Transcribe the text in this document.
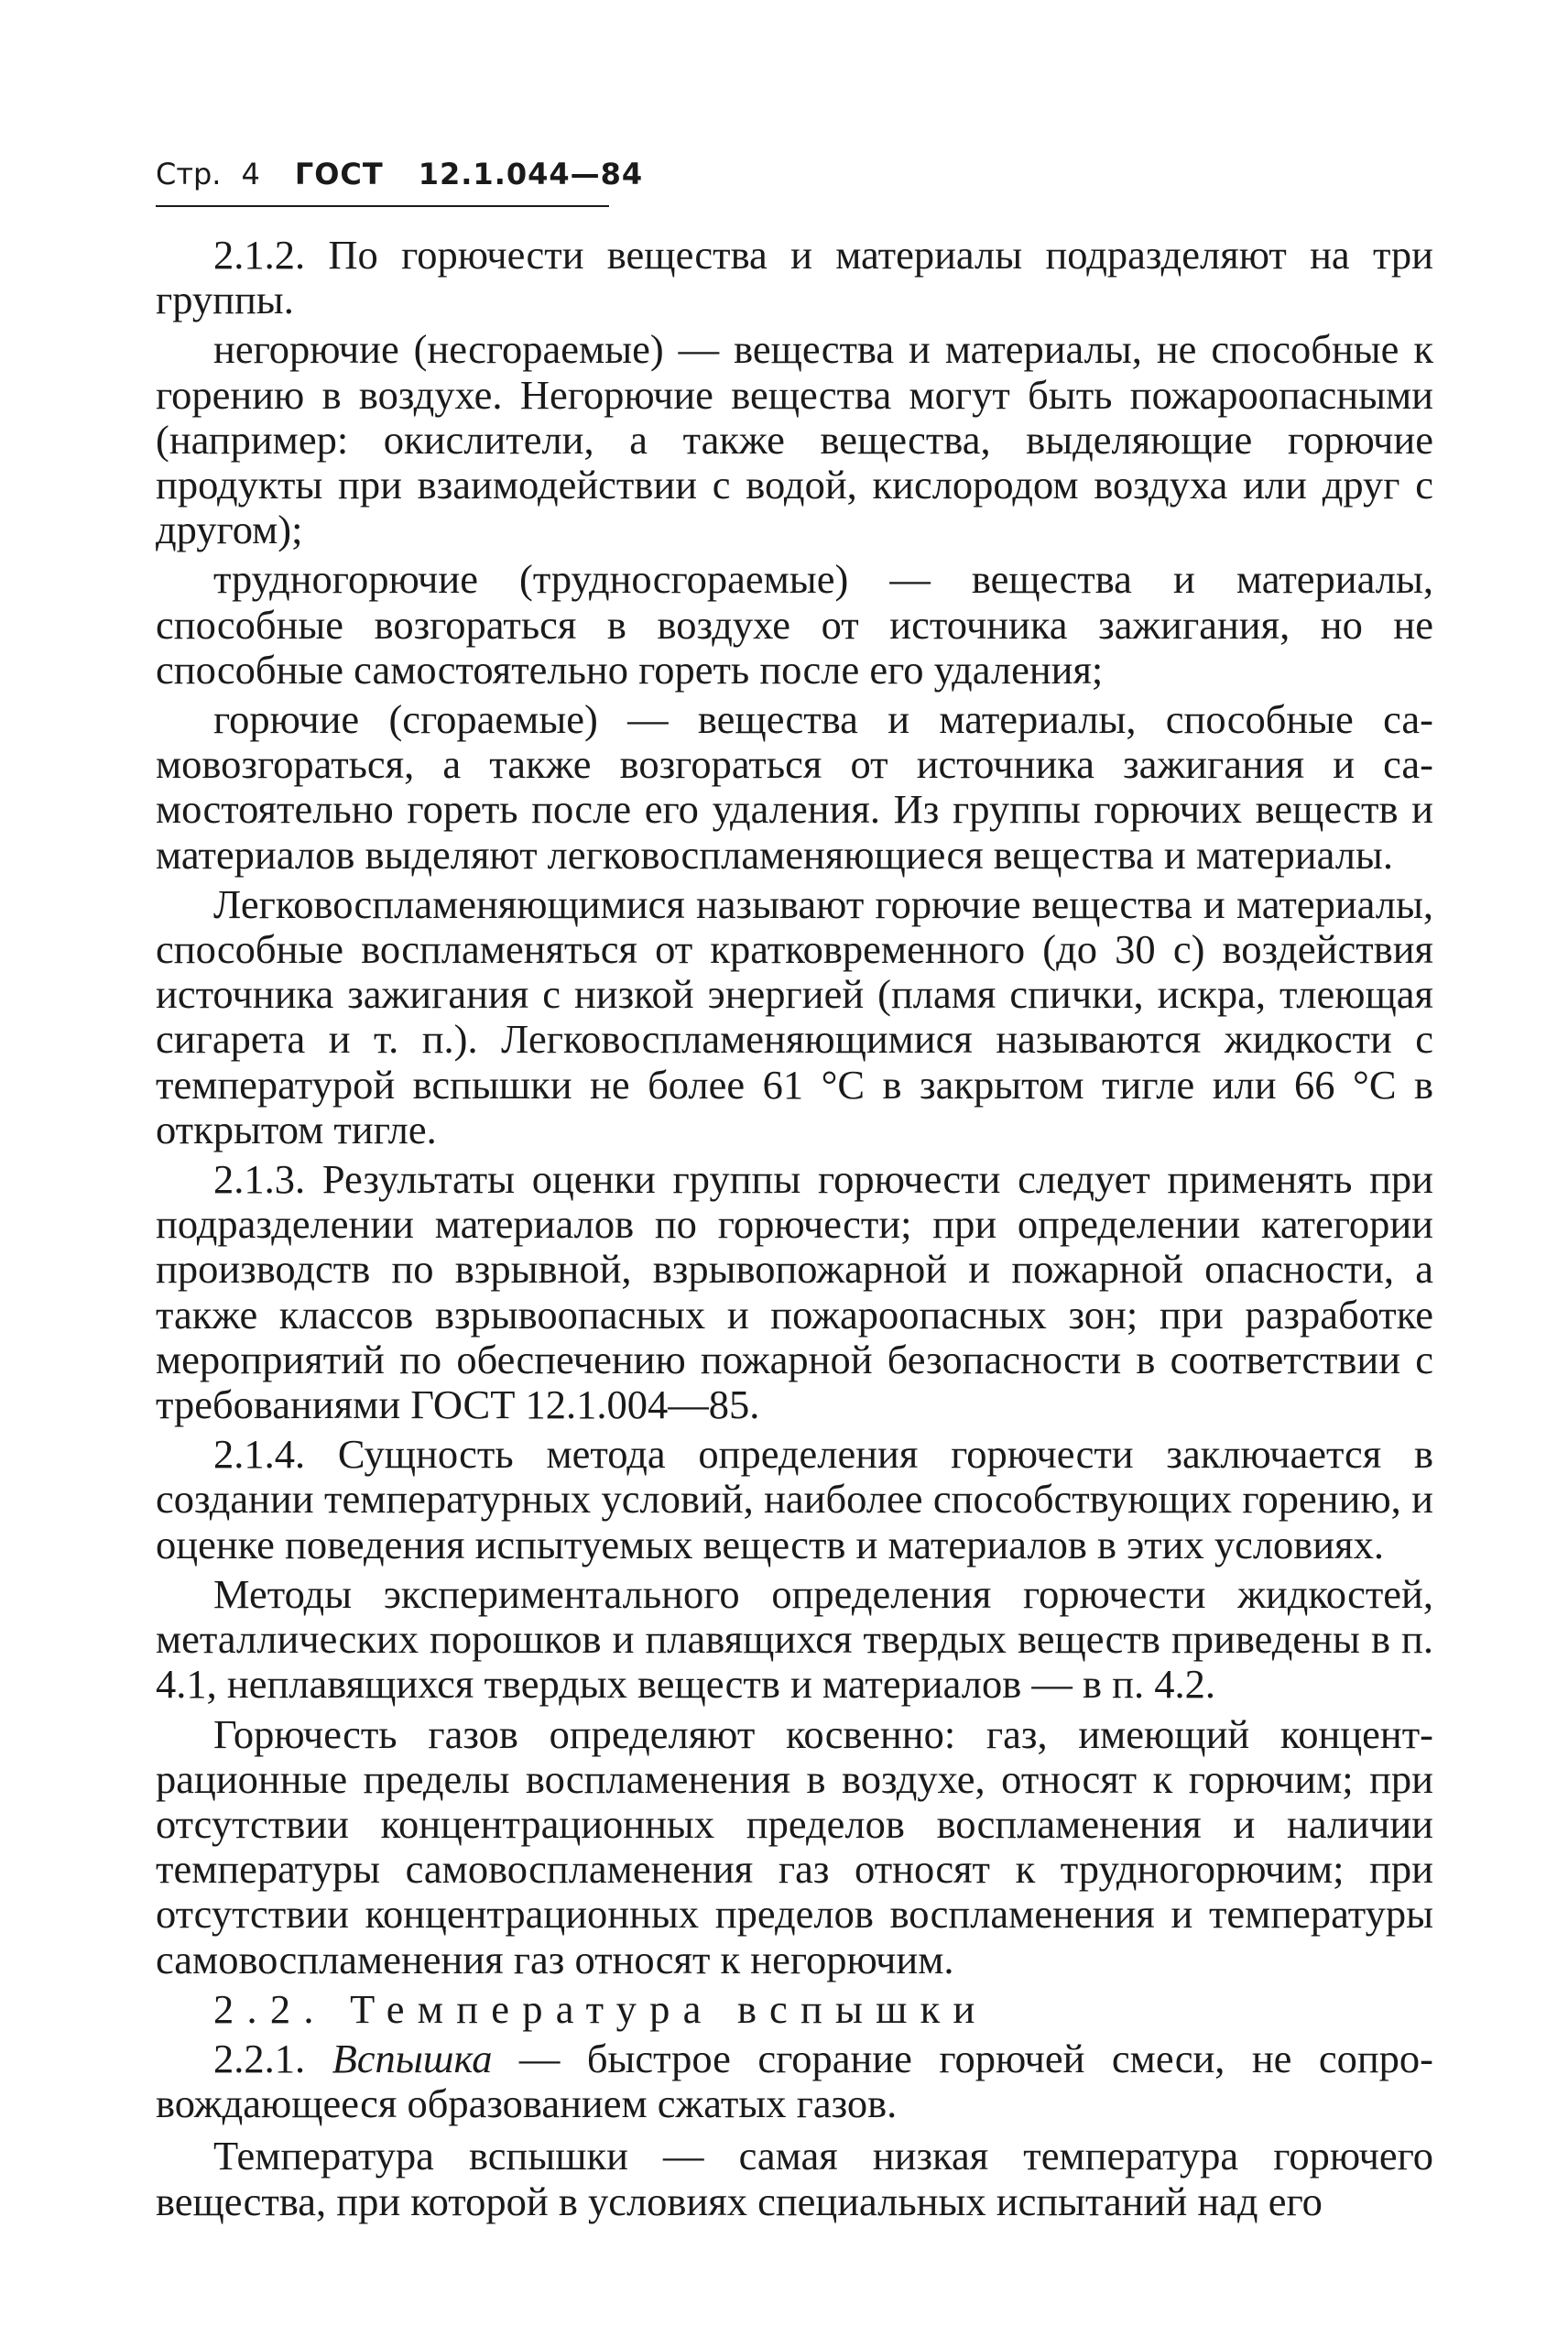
Стр. 4 ГОСТ 12.1.044—84

2.1.2. По горючести вещества и материалы подразделяют на три группы.

негорючие (несгораемые) — вещества и материалы, не способные к горению в воздухе. Негорючие вещества могут быть пожароопасными (например: окислители, а также вещества, выделяющие горючие продукты при взаимодействии с водой, кислородом воздуха или друг с другом);

трудногорючие (трудносгораемые) — вещества и материалы, способные возгораться в воздухе от источника зажигания, но не способные самостоятельно гореть после его удаления;

горючие (сгораемые) — вещества и материалы, способные самовозгораться, а также возгораться от источника зажигания и самостоятельно гореть после его удаления. Из группы горючих веществ и материалов выделяют легковоспламеняющиеся вещества и материалы.

Легковоспламеняющимися называют горючие вещества и материалы, способные воспламеняться от кратковременного (до 30 с) воздействия источника зажигания с низкой энергией (пламя спички, искра, тлеющая сигарета и т. п.). Легковоспламеняющимися называются жидкости с температурой вспышки не более 61 °С в закрытом тигле или 66 °С в открытом тигле.

2.1.3. Результаты оценки группы горючести следует применять при подразделении материалов по горючести; при определении категории производств по взрывной, взрывопожарной и пожарной опасности, а также классов взрывоопасных и пожароопасных зон; при разработке мероприятий по обеспечению пожарной безопасности в соответствии с требованиями ГОСТ 12.1.004—85.

2.1.4. Сущность метода определения горючести заключается в создании температурных условий, наиболее способствующих горению, и оценке поведения испытуемых веществ и материалов в этих условиях.

Методы экспериментального определения горючести жидкостей, металлических порошков и плавящихся твердых веществ приведены в п. 4.1, неплавящихся твердых веществ и материалов — в п. 4.2.

Горючесть газов определяют косвенно: газ, имеющий концентрационные пределы воспламенения в воздухе, относят к горючим; при отсутствии концентрационных пределов воспламенения и наличии температуры самовоспламенения газ относят к трудногорючим; при отсутствии концентрационных пределов воспламенения и температуры самовоспламенения газ относят к негорючим.

2.2. Температура вспышки

2.2.1. Вспышка — быстрое сгорание горючей смеси, не сопровождающееся образованием сжатых газов.

Температура вспышки — самая низкая температура горючего вещества, при которой в условиях специальных испытаний над его
